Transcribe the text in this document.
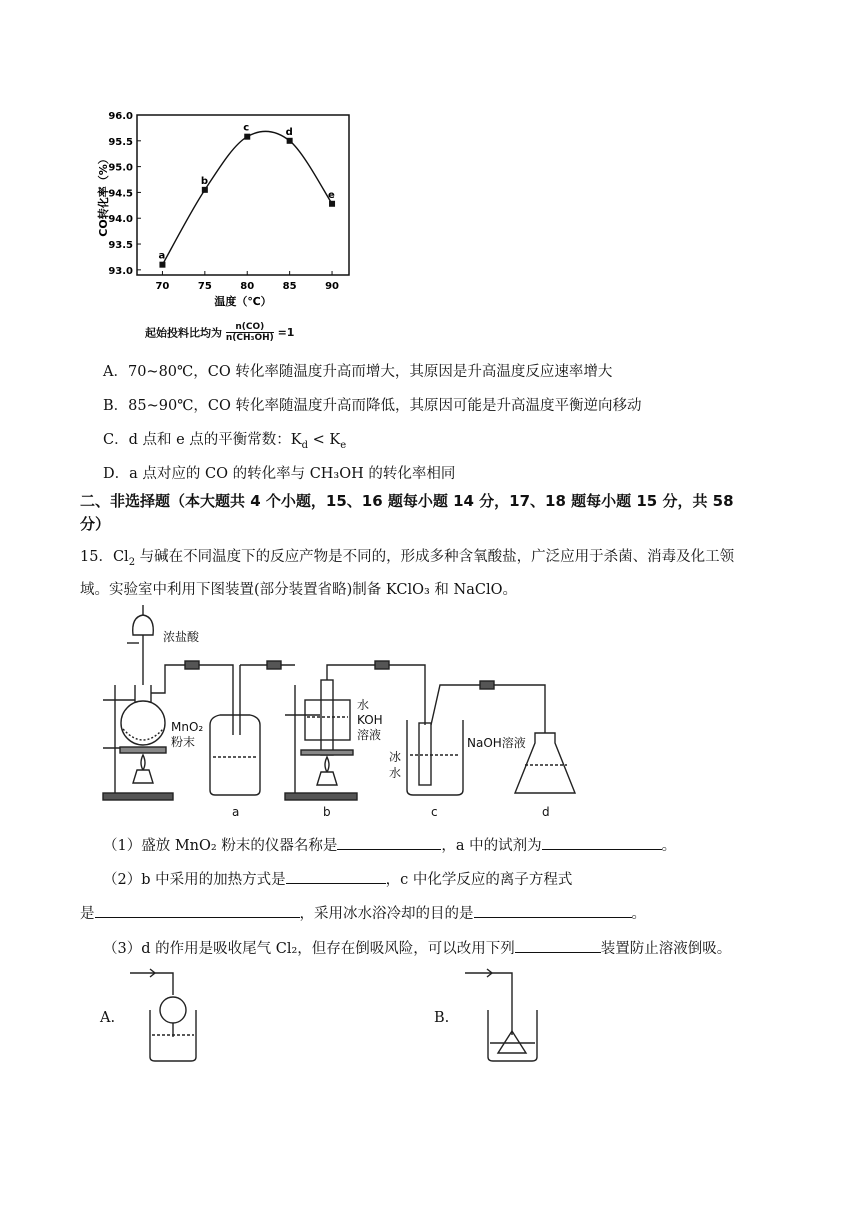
93.0
93.5
94.0
94.5
95.0
95.5
96.0
70	75	80	85	90
a
b
c	d
e
温度（℃）
CO转化率（%）
起始投料比均为 $\frac{n(CO)}{\text{n(CH₃OH)}} =1$
A．70~80℃，CO 转化率随温度升高而增大，其原因是升高温度反应速率增大
B．85~90℃，CO 转化率随温度升高而降低，其原因可能是升高温度平衡逆向移动
C．d 点和 e 点的平衡常数：$K_d < K_e$
D．a 点对应的 CO 的转化率与 CH₃OH 的转化率相同
二、非选择题（本大题共 4 个小题，15、16 题每小题 14 分，17、18 题每小题 15 分，共 58
分）
15．$Cl_2$ 与碱在不同温度下的反应产物是不同的，形成多种含氧酸盐，广泛应用于杀菌、消毒及化工领
域。实验室中利用下图装置(部分装置省略)制备 KClO₃ 和 NaClO。
浓盐酸
MnO₂
粉末
水
KOH
溶液
冰
水
NaOH溶液
a	b	c	d
（1）盛放 MnO₂ 粉末的仪器名称是	，a 中的试剂为	。
（2）b 中采用的加热方式是	，c 中化学反应的离子方程式
是	，采用冰水浴冷却的目的是	。
（3）d 的作用是吸收尾气 Cl₂，但存在倒吸风险，可以改用下列	装置防止溶液倒吸。
A.	B.
